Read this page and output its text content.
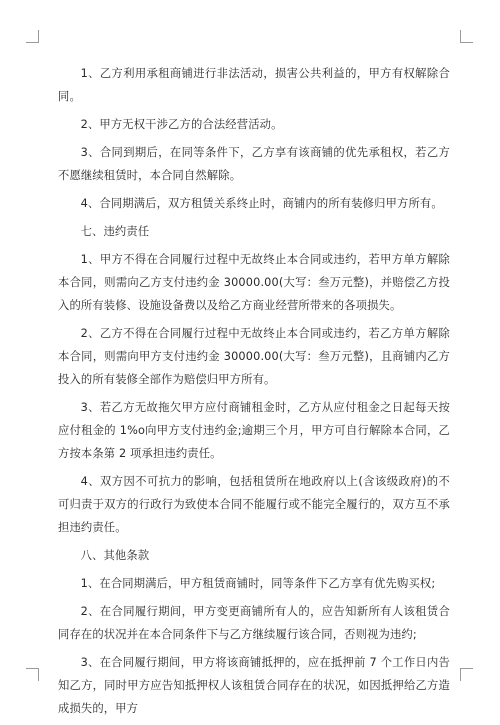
1、乙方利用承租商铺进行非法活动，损害公共利益的，甲方有权解除合同。

2、甲方无权干涉乙方的合法经营活动。

3、合同到期后，在同等条件下，乙方享有该商铺的优先承租权，若乙方不愿继续租赁时，本合同自然解除。

4、合同期满后，双方租赁关系终止时，商铺内的所有装修归甲方所有。

七、违约责任

1、甲方不得在合同履行过程中无故终止本合同或违约，若甲方单方解除本合同，则需向乙方支付违约金 30000.00(大写：叁万元整)，并赔偿乙方投入的所有装修、设施设备费以及给乙方商业经营所带来的各项损失。

2、乙方不得在合同履行过程中无故终止本合同或违约，若乙方单方解除本合同，则需向甲方支付违约金 30000.00(大写：叁万元整)，且商铺内乙方投入的所有装修全部作为赔偿归甲方所有。

3、若乙方无故拖欠甲方应付商铺租金时，乙方从应付租金之日起每天按应付租金的 1%o向甲方支付违约金;逾期三个月，甲方可自行解除本合同，乙方按本条第 2 项承担违约责任。

4、双方因不可抗力的影响，包括租赁所在地政府以上(含该级政府)的不可归责于双方的行政行为致使本合同不能履行或不能完全履行的，双方互不承担违约责任。

八、其他条款

1、在合同期满后，甲方租赁商铺时，同等条件下乙方享有优先购买权;

2、在合同履行期间，甲方变更商铺所有人的，应告知新所有人该租赁合同存在的状况并在本合同条件下与乙方继续履行该合同，否则视为违约;

3、在合同履行期间，甲方将该商铺抵押的，应在抵押前 7 个工作日内告知乙方，同时甲方应告知抵押权人该租赁合同存在的状况，如因抵押给乙方造成损失的，甲方
